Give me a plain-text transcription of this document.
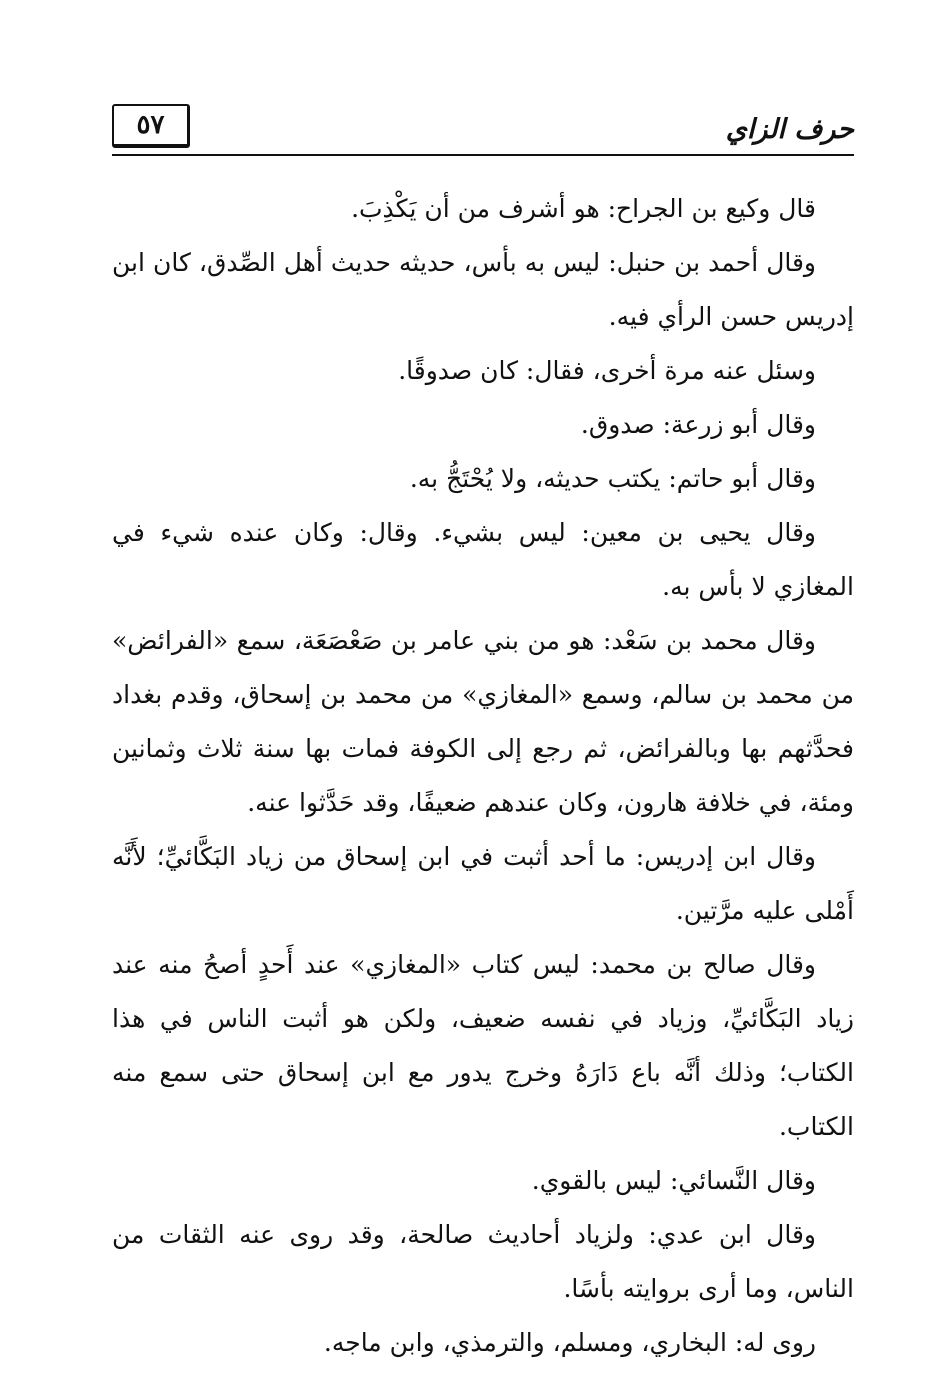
٥٧	حرف الزاي

قال وكيع بن الجراح: هو أشرف من أن يَكْذِبَ.

وقال أحمد بن حنبل: ليس به بأس، حديثه حديث أهل الصِّدق، كان ابن إدريس حسن الرأي فيه.

وسئل عنه مرة أخرى، فقال: كان صدوقًا.

وقال أبو زرعة: صدوق.

وقال أبو حاتم: يكتب حديثه، ولا يُحْتَجُّ به.

وقال يحيى بن معين: ليس بشيء. وقال: وكان عنده شيء في المغازي لا بأس به.

وقال محمد بن سَعْد: هو من بني عامر بن صَعْصَعَة، سمع «الفرائض» من محمد بن سالم، وسمع «المغازي» من محمد بن إسحاق، وقدم بغداد فحدَّثهم بها وبالفرائض، ثم رجع إلى الكوفة فمات بها سنة ثلاث وثمانين ومئة، في خلافة هارون، وكان عندهم ضعيفًا، وقد حَدَّثوا عنه.

وقال ابن إدريس: ما أحد أثبت في ابن إسحاق من زياد البَكَّائيِّ؛ لأَنَّه أَمْلى عليه مرَّتين.

وقال صالح بن محمد: ليس كتاب «المغازي» عند أَحدٍ أصحُ منه عند زياد البَكَّائيِّ، وزياد في نفسه ضعيف، ولكن هو أثبت الناس في هذا الكتاب؛ وذلك أنَّه باع دَارَهُ وخرج يدور مع ابن إسحاق حتى سمع منه الكتاب.

وقال النَّسائي: ليس بالقوي.

وقال ابن عدي: ولزياد أحاديث صالحة، وقد روى عنه الثقات من الناس، وما أرى بروايته بأسًا.

روى له: البخاري، ومسلم، والترمذي، وابن ماجه.
